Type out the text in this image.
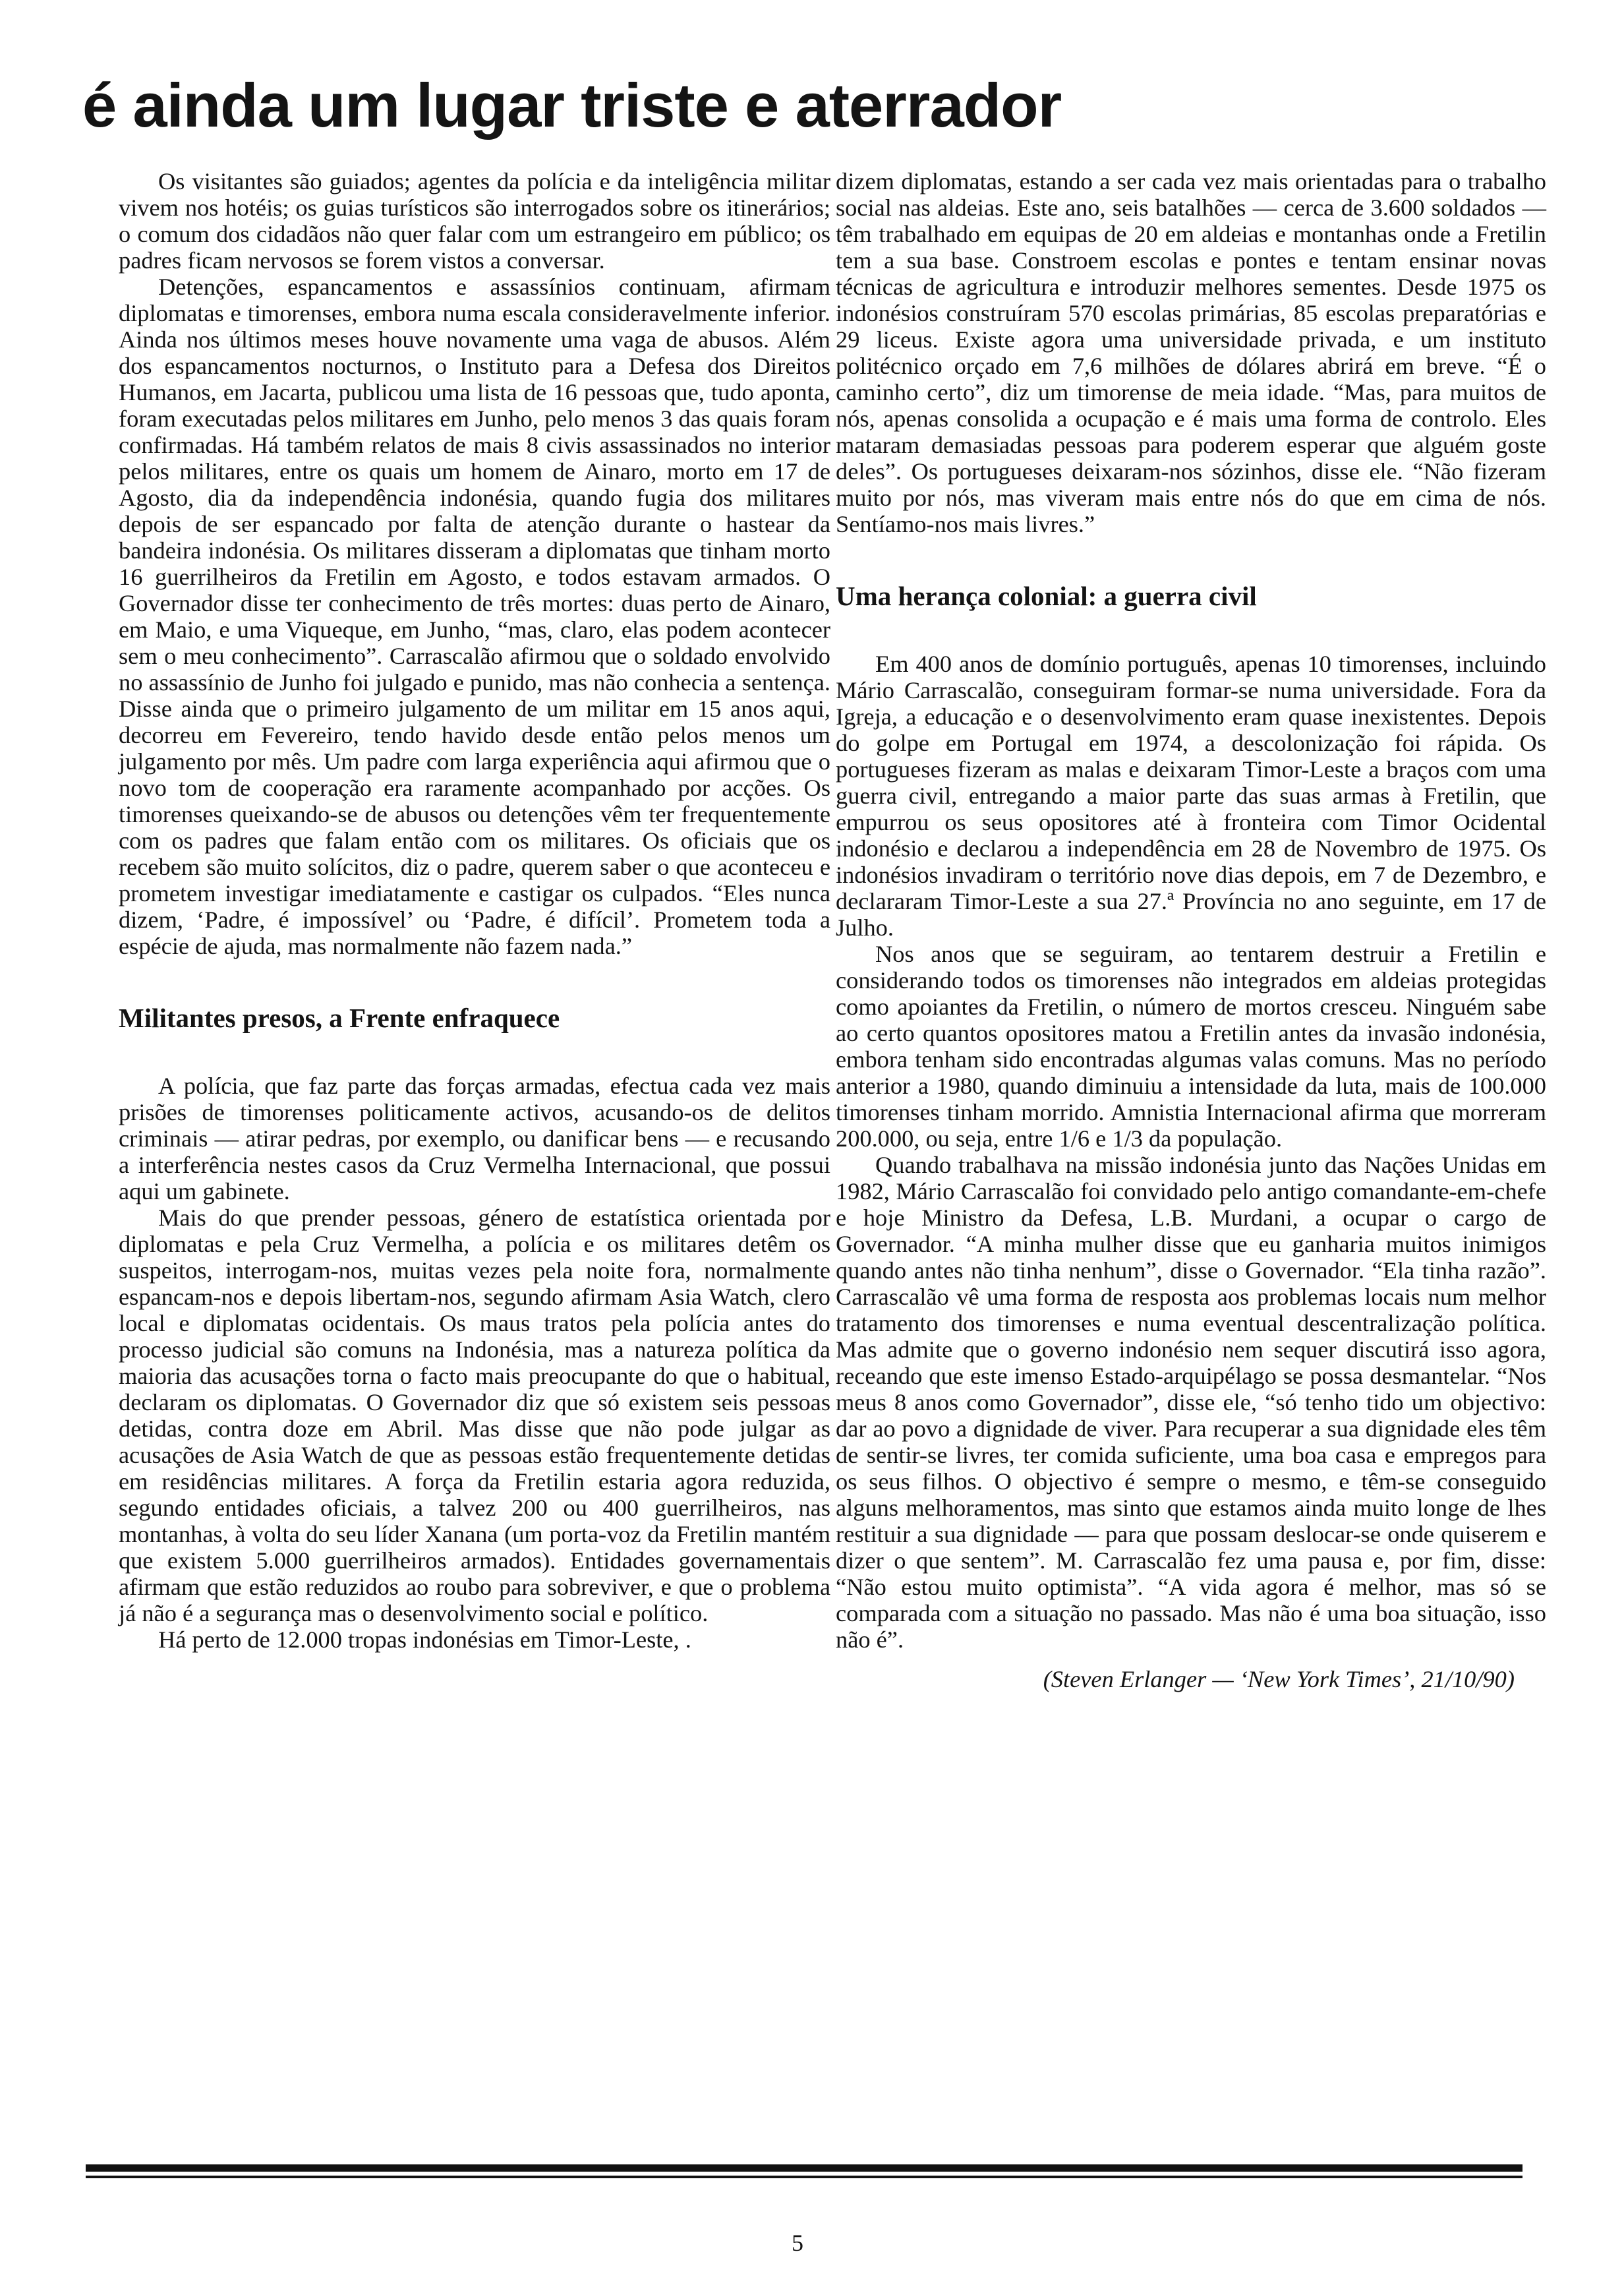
é ainda um lugar triste e aterrador

Os visitantes são guiados; agentes da polícia e da inteligência militar vivem nos hotéis; os guias turísticos são interrogados sobre os itinerários; o comum dos cidadãos não quer falar com um estrangeiro em público; os padres ficam nervosos se forem vistos a conversar.

Detenções, espancamentos e assassínios continuam, afirmam diplomatas e timorenses, embora numa escala consideravelmente inferior. Ainda nos últimos meses houve novamente uma vaga de abusos. Além dos espancamentos nocturnos, o Instituto para a Defesa dos Direitos Humanos, em Jacarta, publicou uma lista de 16 pessoas que, tudo aponta, foram executadas pelos militares em Junho, pelo menos 3 das quais foram confirmadas. Há também relatos de mais 8 civis assassinados no interior pelos militares, entre os quais um homem de Ainaro, morto em 17 de Agosto, dia da independência indonésia, quando fugia dos militares depois de ser espancado por falta de atenção durante o hastear da bandeira indonésia. Os militares disseram a diplomatas que tinham morto 16 guerrilheiros da Fretilin em Agosto, e todos estavam armados. O Governador disse ter conhecimento de três mortes: duas perto de Ainaro, em Maio, e uma Viqueque, em Junho, “mas, claro, elas podem acontecer sem o meu conhecimento”. Carrascalão afirmou que o soldado envolvido no assassínio de Junho foi julgado e punido, mas não conhecia a sentença. Disse ainda que o primeiro julgamento de um militar em 15 anos aqui, decorreu em Fevereiro, tendo havido desde então pelos menos um julgamento por mês. Um padre com larga experiência aqui afirmou que o novo tom de cooperação era raramente acompanhado por acções. Os timorenses queixando-se de abusos ou detenções vêm ter frequentemente com os padres que falam então com os militares. Os oficiais que os recebem são muito solícitos, diz o padre, querem saber o que aconteceu e prometem investigar imediatamente e castigar os culpados. “Eles nunca dizem, ‘Padre, é impossível’ ou ‘Padre, é difícil’. Prometem toda a espécie de ajuda, mas normalmente não fazem nada.”

Militantes presos, a Frente enfraquece

A polícia, que faz parte das forças armadas, efectua cada vez mais prisões de timorenses politicamente activos, acusando-os de delitos criminais — atirar pedras, por exemplo, ou danificar bens — e recusando a interferência nestes casos da Cruz Vermelha Internacional, que possui aqui um gabinete.

Mais do que prender pessoas, género de estatística orientada por diplomatas e pela Cruz Vermelha, a polícia e os militares detêm os suspeitos, interrogam-nos, muitas vezes pela noite fora, normalmente espancam-nos e depois libertam-nos, segundo afirmam Asia Watch, clero local e diplomatas ocidentais. Os maus tratos pela polícia antes do processo judicial são comuns na Indonésia, mas a natureza política da maioria das acusações torna o facto mais preocupante do que o habitual, declaram os diplomatas. O Governador diz que só existem seis pessoas detidas, contra doze em Abril. Mas disse que não pode julgar as acusações de Asia Watch de que as pessoas estão frequentemente detidas em residências militares. A força da Fretilin estaria agora reduzida, segundo entidades oficiais, a talvez 200 ou 400 guerrilheiros, nas montanhas, à volta do seu líder Xanana (um porta-voz da Fretilin mantém que existem 5.000 guerrilheiros armados). Entidades governamentais afirmam que estão reduzidos ao roubo para sobreviver, e que o problema já não é a segurança mas o desenvolvimento social e político.

Há perto de 12.000 tropas indonésias em Timor-Leste, .

dizem diplomatas, estando a ser cada vez mais orientadas para o trabalho social nas aldeias. Este ano, seis batalhões — cerca de 3.600 soldados — têm trabalhado em equipas de 20 em aldeias e montanhas onde a Fretilin tem a sua base. Constroem escolas e pontes e tentam ensinar novas técnicas de agricultura e introduzir melhores sementes. Desde 1975 os indonésios construíram 570 escolas primárias, 85 escolas preparatórias e 29 liceus. Existe agora uma universidade privada, e um instituto politécnico orçado em 7,6 milhões de dólares abrirá em breve. “É o caminho certo”, diz um timorense de meia idade. “Mas, para muitos de nós, apenas consolida a ocupação e é mais uma forma de controlo. Eles mataram demasiadas pessoas para poderem esperar que alguém goste deles”. Os portugueses deixaram-nos sózinhos, disse ele. “Não fizeram muito por nós, mas viveram mais entre nós do que em cima de nós. Sentíamo-nos mais livres.”

Uma herança colonial: a guerra civil

Em 400 anos de domínio português, apenas 10 timorenses, incluindo Mário Carrascalão, conseguiram formar-se numa universidade. Fora da Igreja, a educação e o desenvolvimento eram quase inexistentes. Depois do golpe em Portugal em 1974, a descolonização foi rápida. Os portugueses fizeram as malas e deixaram Timor-Leste a braços com uma guerra civil, entregando a maior parte das suas armas à Fretilin, que empurrou os seus opositores até à fronteira com Timor Ocidental indonésio e declarou a independência em 28 de Novembro de 1975. Os indonésios invadiram o território nove dias depois, em 7 de Dezembro, e declararam Timor-Leste a sua 27.ª Província no ano seguinte, em 17 de Julho.

Nos anos que se seguiram, ao tentarem destruir a Fretilin e considerando todos os timorenses não integrados em aldeias protegidas como apoiantes da Fretilin, o número de mortos cresceu. Ninguém sabe ao certo quantos opositores matou a Fretilin antes da invasão indonésia, embora tenham sido encontradas algumas valas comuns. Mas no período anterior a 1980, quando diminuiu a intensidade da luta, mais de 100.000 timorenses tinham morrido. Amnistia Internacional afirma que morreram 200.000, ou seja, entre 1/6 e 1/3 da população.

Quando trabalhava na missão indonésia junto das Nações Unidas em 1982, Mário Carrascalão foi convidado pelo antigo comandante-em-chefe e hoje Ministro da Defesa, L.B. Murdani, a ocupar o cargo de Governador. “A minha mulher disse que eu ganharia muitos inimigos quando antes não tinha nenhum”, disse o Governador. “Ela tinha razão”. Carrascalão vê uma forma de resposta aos problemas locais num melhor tratamento dos timorenses e numa eventual descentralização política. Mas admite que o governo indonésio nem sequer discutirá isso agora, receando que este imenso Estado-arquipélago se possa desmantelar. “Nos meus 8 anos como Governador”, disse ele, “só tenho tido um objectivo: dar ao povo a dignidade de viver. Para recuperar a sua dignidade eles têm de sentir-se livres, ter comida suficiente, uma boa casa e empregos para os seus filhos. O objectivo é sempre o mesmo, e têm-se conseguido alguns melhoramentos, mas sinto que estamos ainda muito longe de lhes restituir a sua dignidade — para que possam deslocar-se onde quiserem e dizer o que sentem”. M. Carrascalão fez uma pausa e, por fim, disse: “Não estou muito optimista”. “A vida agora é melhor, mas só se comparada com a situação no passado. Mas não é uma boa situação, isso não é”.

(Steven Erlanger — ‘New York Times’, 21/10/90)

5
